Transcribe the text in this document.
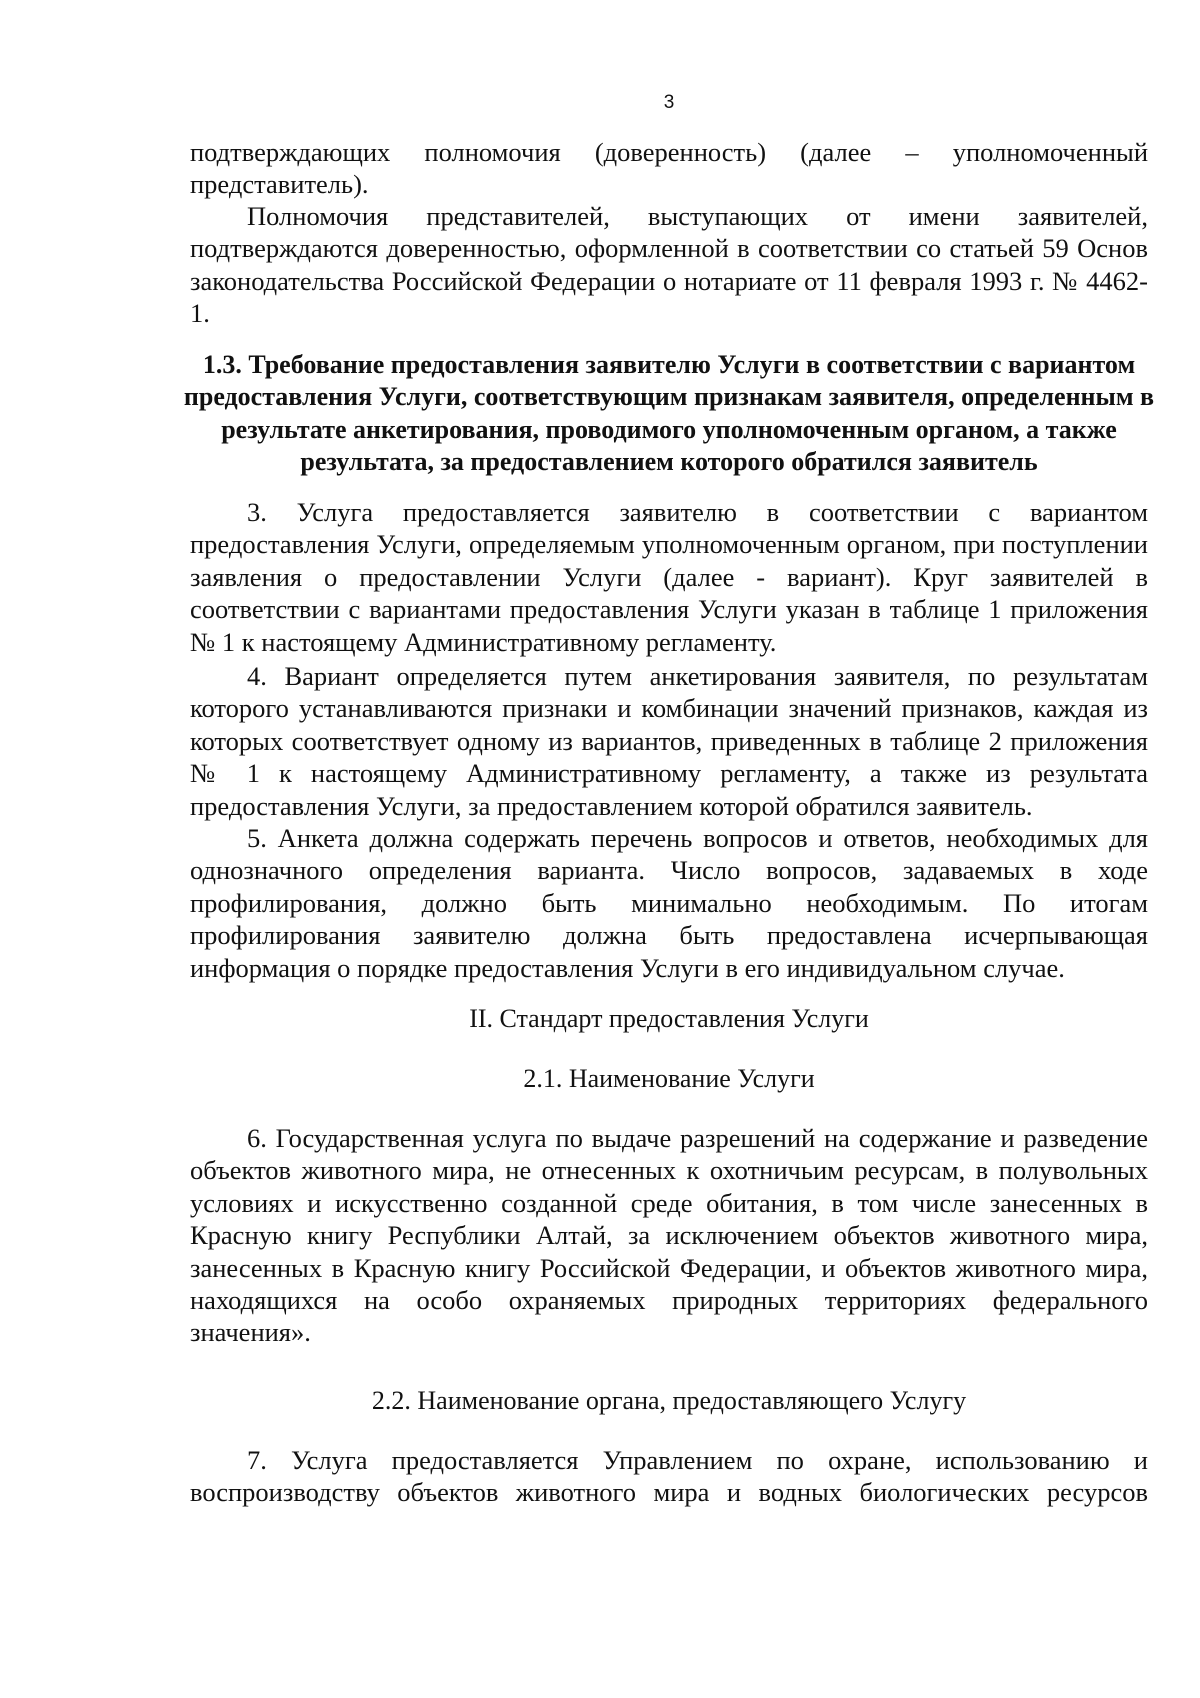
3

подтверждающих полномочия (доверенность) (далее – уполномоченный

представитель).

Полномочия представителей, выступающих от имени заявителей, подтверждаются доверенностью, оформленной в соответствии со статьей 59 Основ законодательства Российской Федерации о нотариате от 11 февраля 1993 г. № 4462-1.

1.3. Требование предоставления заявителю Услуги в соответствии с вариантом предоставления Услуги, соответствующим признакам заявителя, определенным в результате анкетирования, проводимого уполномоченным органом, а также результата, за предоставлением которого обратился заявитель

3. Услуга предоставляется заявителю в соответствии с вариантом предоставления Услуги, определяемым уполномоченным органом, при поступлении заявления о предоставлении Услуги (далее - вариант). Круг заявителей в соответствии с вариантами предоставления Услуги указан в таблице 1 приложения № 1 к настоящему Административному регламенту.

4. Вариант определяется путем анкетирования заявителя, по результатам которого устанавливаются признаки и комбинации значений признаков, каждая из которых соответствует одному из вариантов, приведенных в таблице 2 приложения № 1 к настоящему Административному регламенту, а также из результата предоставления Услуги, за предоставлением которой обратился заявитель.

5. Анкета должна содержать перечень вопросов и ответов, необходимых для однозначного определения варианта. Число вопросов, задаваемых в ходе профилирования, должно быть минимально необходимым. По итогам профилирования заявителю должна быть предоставлена исчерпывающая информация о порядке предоставления Услуги в его индивидуальном случае.

II. Стандарт предоставления Услуги

2.1. Наименование Услуги

6. Государственная услуга по выдаче разрешений на содержание и разведение объектов животного мира, не отнесенных к охотничьим ресурсам, в полувольных условиях и искусственно созданной среде обитания, в том числе занесенных в Красную книгу Республики Алтай, за исключением объектов животного мира, занесенных в Красную книгу Российской Федерации, и объектов животного мира, находящихся на особо охраняемых природных территориях федерального значения».

2.2. Наименование органа, предоставляющего Услугу

7. Услуга предоставляется Управлением по охране, использованию и воспроизводству объектов животного мира и водных биологических ресурсов
